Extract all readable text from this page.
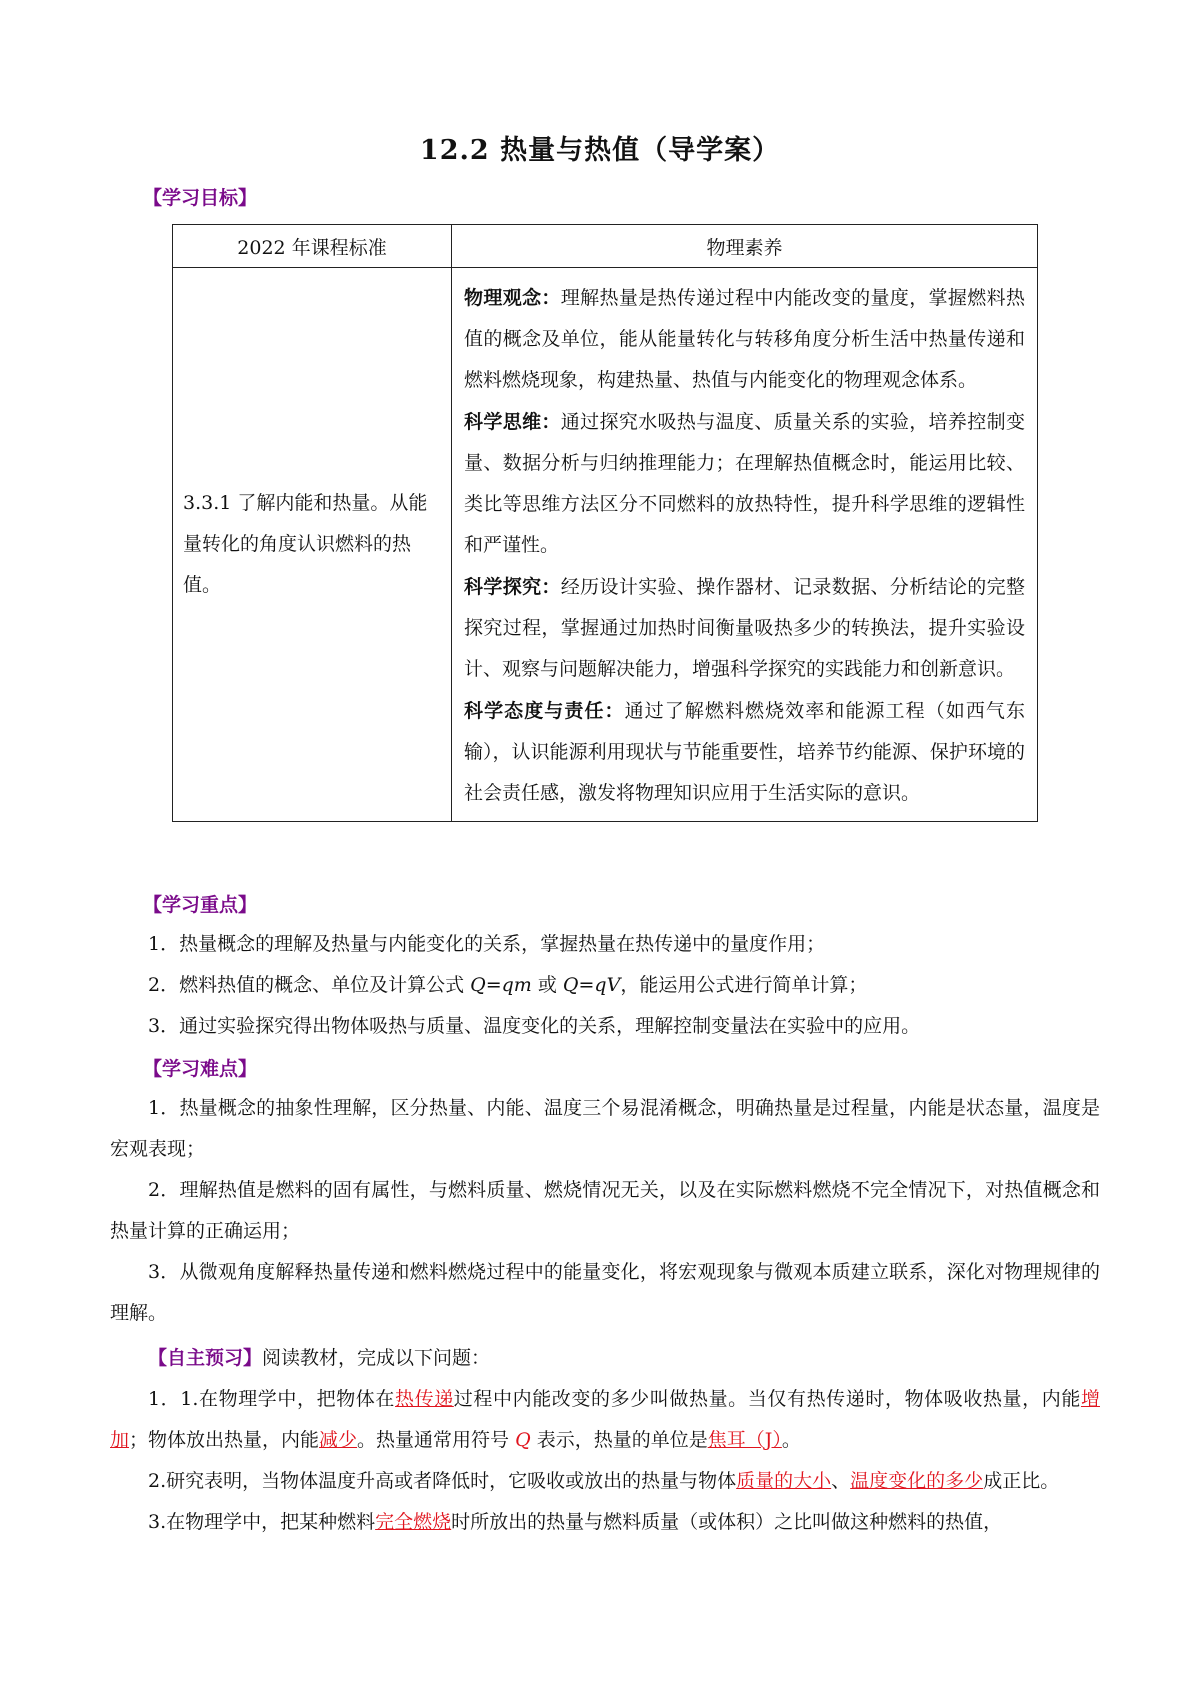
12.2 热量与热值（导学案）
【学习目标】
2022 年课程标准	物理素养
3.3.1 了解内能和热量。从能量转化的角度认识燃料的热值。	物理观念：理解热量是热传递过程中内能改变的量度，掌握燃料热值的概念及单位，能从能量转化与转移角度分析生活中热量传递和燃料燃烧现象，构建热量、热值与内能变化的物理观念体系。

科学思维：通过探究水吸热与温度、质量关系的实验，培养控制变量、数据分析与归纳推理能力；在理解热值概念时，能运用比较、类比等思维方法区分不同燃料的放热特性，提升科学思维的逻辑性和严谨性。

科学探究：经历设计实验、操作器材、记录数据、分析结论的完整探究过程，掌握通过加热时间衡量吸热多少的转换法，提升实验设计、观察与问题解决能力，增强科学探究的实践能力和创新意识。

科学态度与责任：通过了解燃料燃烧效率和能源工程（如西气东输），认识能源利用现状与节能重要性，培养节约能源、保护环境的社会责任感，激发将物理知识应用于生活实际的意识。

【学习重点】

1．热量概念的理解及热量与内能变化的关系，掌握热量在热传递中的量度作用；

2．燃料热值的概念、单位及计算公式 Q=qm 或 Q=qV，能运用公式进行简单计算；

3．通过实验探究得出物体吸热与质量、温度变化的关系，理解控制变量法在实验中的应用。

【学习难点】

1．热量概念的抽象性理解，区分热量、内能、温度三个易混淆概念，明确热量是过程量，内能是状态量，温度是宏观表现；

2．理解热值是燃料的固有属性，与燃料质量、燃烧情况无关，以及在实际燃料燃烧不完全情况下，对热值概念和热量计算的正确运用；

3．从微观角度解释热量传递和燃料燃烧过程中的能量变化，将宏观现象与微观本质建立联系，深化对物理规律的理解。

【自主预习】阅读教材，完成以下问题：

1．1.在物理学中，把物体在热传递过程中内能改变的多少叫做热量。当仅有热传递时，物体吸收热量，内能增加；物体放出热量，内能减少。热量通常用符号 Q 表示，热量的单位是焦耳（J）。

2.研究表明，当物体温度升高或者降低时，它吸收或放出的热量与物体质量的大小、温度变化的多少成正比。

3.在物理学中，把某种燃料完全燃烧时所放出的热量与燃料质量（或体积）之比叫做这种燃料的热值，
